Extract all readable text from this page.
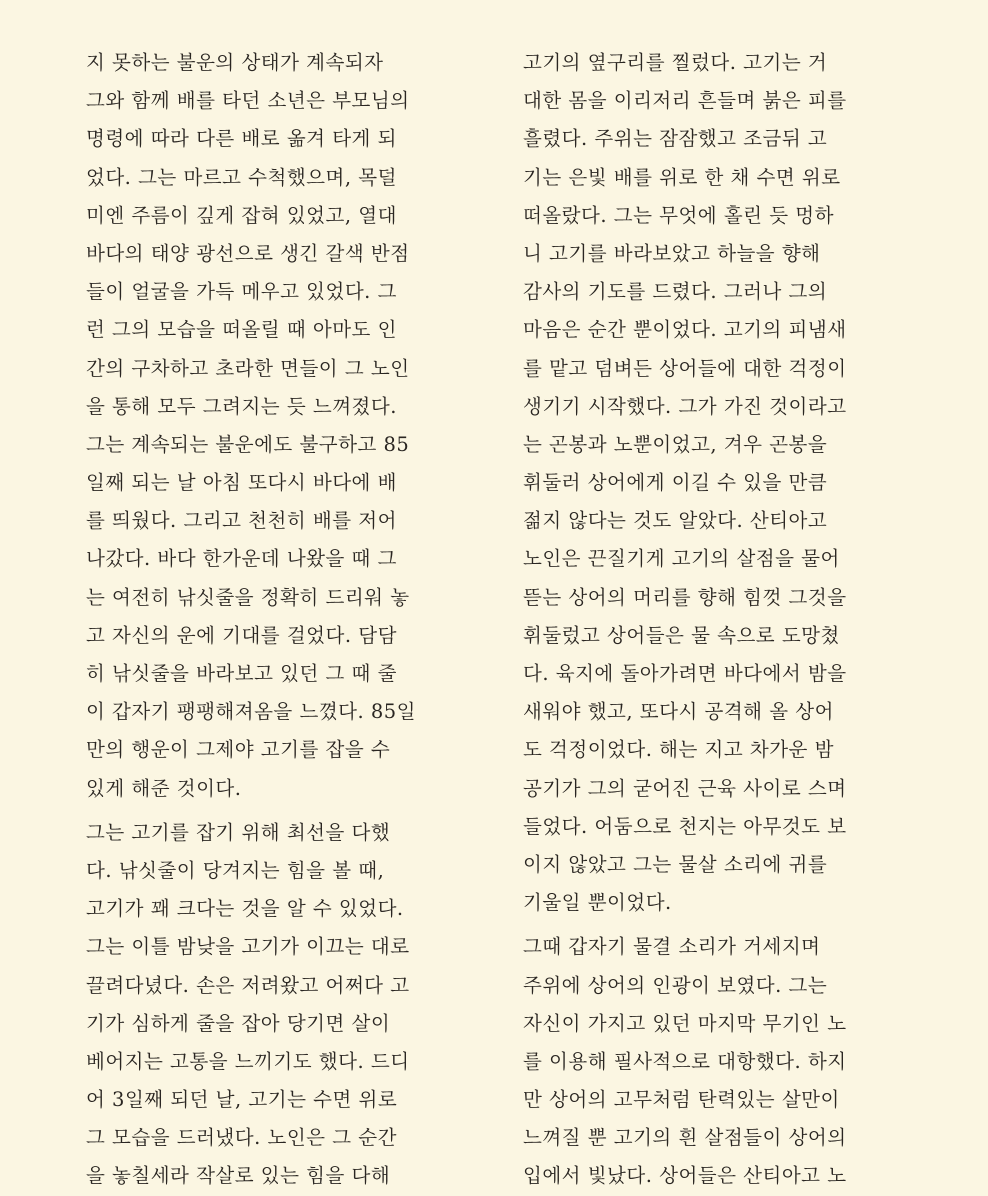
지 못하는 불운의 상태가 계속되자
그와 함께 배를 타던 소년은 부모님의
명령에 따라 다른 배로 옮겨 타게 되
었다. 그는 마르고 수척했으며, 목덜
미엔 주름이 깊게 잡혀 있었고, 열대
바다의 태양 광선으로 생긴 갈색 반점
들이 얼굴을 가득 메우고 있었다. 그
런 그의 모습을 떠올릴 때 아마도 인
간의 구차하고 초라한 면들이 그 노인
을 통해 모두 그려지는 듯 느껴졌다.
그는 계속되는 불운에도 불구하고 85
일째 되는 날 아침 또다시 바다에 배
를 띄웠다. 그리고 천천히 배를 저어
나갔다. 바다 한가운데 나왔을 때 그
는 여전히 낚싯줄을 정확히 드리워 놓
고 자신의 운에 기대를 걸었다. 담담
히 낚싯줄을 바라보고 있던 그 때 줄
이 갑자기 팽팽해져옴을 느꼈다. 85일
만의 행운이 그제야 고기를 잡을 수
있게 해준 것이다.
그는 고기를 잡기 위해 최선을 다했
다. 낚싯줄이 당겨지는 힘을 볼 때,
고기가 꽤 크다는 것을 알 수 있었다.
그는 이틀 밤낮을 고기가 이끄는 대로
끌려다녔다. 손은 저려왔고 어쩌다 고
기가 심하게 줄을 잡아 당기면 살이
베어지는 고통을 느끼기도 했다. 드디
어 3일째 되던 날, 고기는 수면 위로
그 모습을 드러냈다. 노인은 그 순간
을 놓칠세라 작살로 있는 힘을 다해
고기의 옆구리를 찔렀다. 고기는 거
대한 몸을 이리저리 흔들며 붉은 피를
흘렸다. 주위는 잠잠했고 조금뒤 고
기는 은빛 배를 위로 한 채 수면 위로
떠올랐다. 그는 무엇에 홀린 듯 멍하
니 고기를 바라보았고 하늘을 향해
감사의 기도를 드렸다. 그러나 그의
마음은 순간 뿐이었다. 고기의 피냄새
를 맡고 덤벼든 상어들에 대한 걱정이
생기기 시작했다. 그가 가진 것이라고
는 곤봉과 노뿐이었고, 겨우 곤봉을
휘둘러 상어에게 이길 수 있을 만큼
젊지 않다는 것도 알았다. 산티아고
노인은 끈질기게 고기의 살점을 물어
뜯는 상어의 머리를 향해 힘껏 그것을
휘둘렀고 상어들은 물 속으로 도망쳤
다. 육지에 돌아가려면 바다에서 밤을
새워야 했고, 또다시 공격해 올 상어
도 걱정이었다. 해는 지고 차가운 밤
공기가 그의 굳어진 근육 사이로 스며
들었다. 어둠으로 천지는 아무것도 보
이지 않았고 그는 물살 소리에 귀를
기울일 뿐이었다.
그때 갑자기 물결 소리가 거세지며
주위에 상어의 인광이 보였다. 그는
자신이 가지고 있던 마지막 무기인 노
를 이용해 필사적으로 대항했다. 하지
만 상어의 고무처럼 탄력있는 살만이
느껴질 뿐 고기의 흰 살점들이 상어의
입에서 빛났다. 상어들은 산티아고 노
